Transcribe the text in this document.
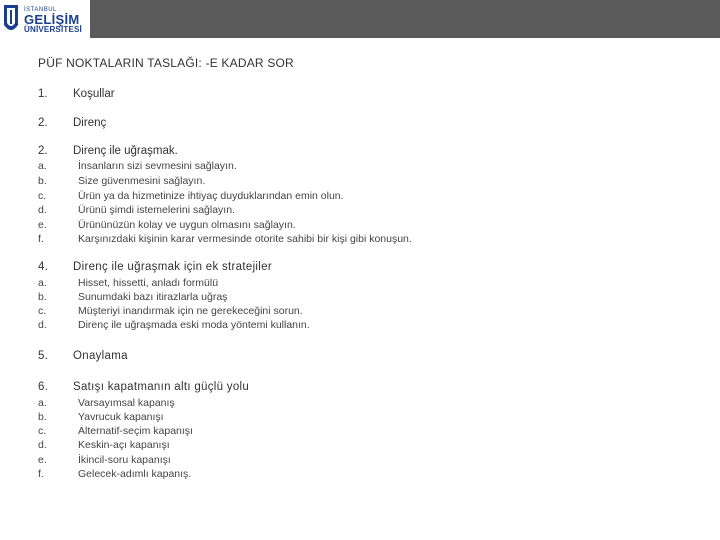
İSTANBUL
GELİŞİM
ÜNİVERSİTESİ
PÜF NOKTALARIN TASLAĞI: -E KADAR SOR
1.	Koşullar
2.	Direnç
2.	Direnç ile uğraşmak.
a.	İnsanların sizi sevmesini sağlayın.
b.	Size güvenmesini sağlayın.
c.	Ürün ya da hizmetinize ihtiyaç duyduklarından emin olun.
d.	Ürünü şimdi istemelerini sağlayın.
e.	Ürününüzün kolay ve uygun olmasını sağlayın.
f.	Karşınızdaki kişinin karar vermesinde otorite sahibi bir kişi gibi konuşun.
4.	Direnç ile uğraşmak için ek stratejiler
a.	Hisset, hissetti, anladı formülü
b.	Sunumdaki bazı itirazlarla uğraş
c.	Müşteriyi inandırmak için ne gerekeceğini sorun.
d.	Direnç ile uğraşmada eski moda yöntemi kullanın.
5.	Onaylama
6.	Satışı kapatmanın altı güçlü yolu
a.	Varsayımsal kapanış
b.	Yavrucuk kapanışı
c.	Alternatif-seçim kapanışı
d.	Keskin-açı kapanışı
e.	İkincil-soru kapanışı
f.	Gelecek-adımlı kapanış.
